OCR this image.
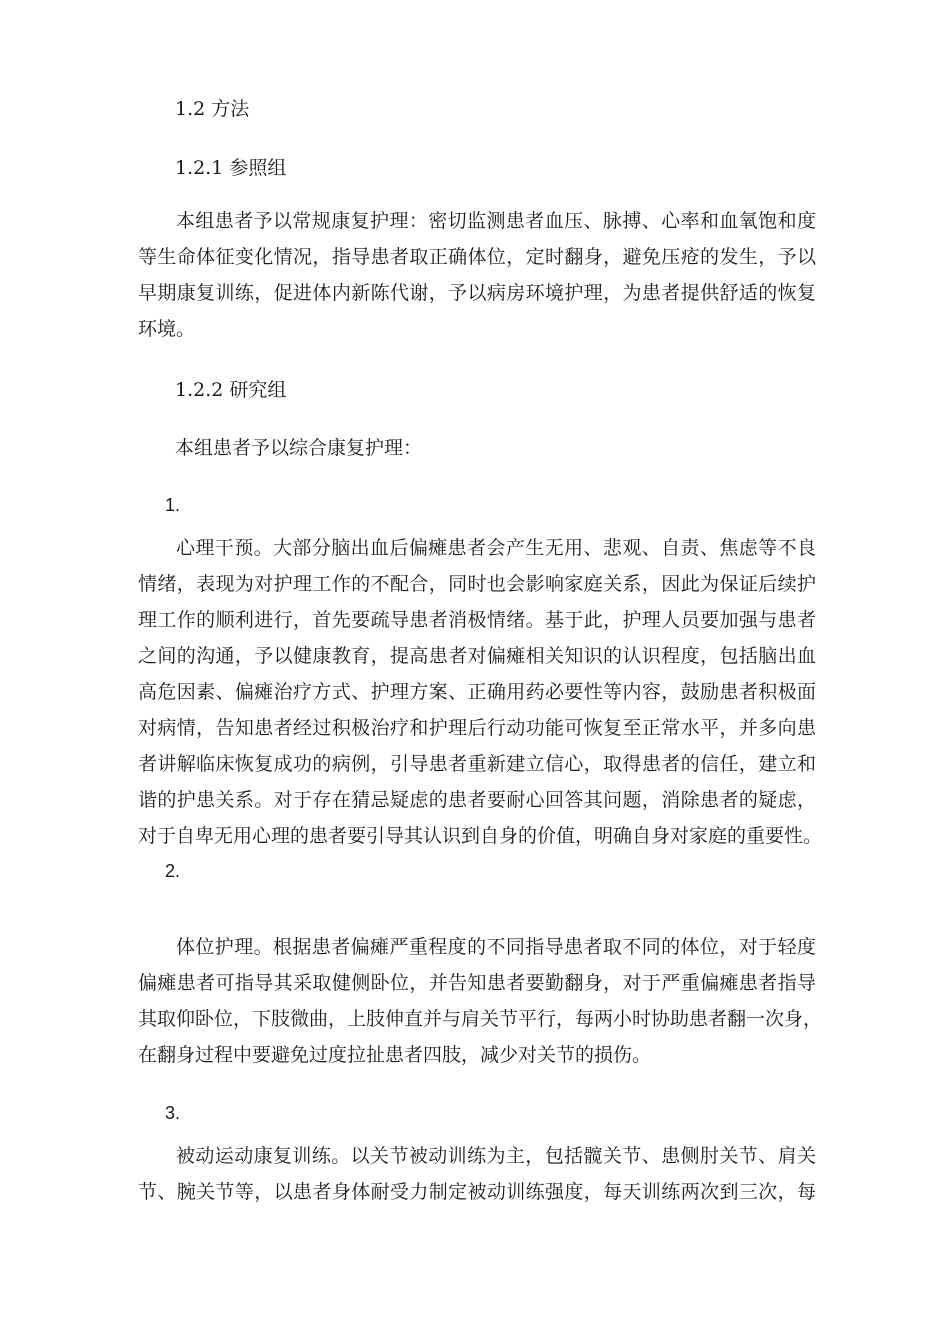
1.2 方法

1.2.1 参照组

本组患者予以常规康复护理：密切监测患者血压、脉搏、心率和血氧饱和度
等生命体征变化情况，指导患者取正确体位，定时翻身，避免压疮的发生，予以
早期康复训练，促进体内新陈代谢，予以病房环境护理，为患者提供舒适的恢复
环境。

1.2.2 研究组

本组患者予以综合康复护理：

1.

心理干预。大部分脑出血后偏瘫患者会产生无用、悲观、自责、焦虑等不良
情绪，表现为对护理工作的不配合，同时也会影响家庭关系，因此为保证后续护
理工作的顺利进行，首先要疏导患者消极情绪。基于此，护理人员要加强与患者
之间的沟通，予以健康教育，提高患者对偏瘫相关知识的认识程度，包括脑出血
高危因素、偏瘫治疗方式、护理方案、正确用药必要性等内容，鼓励患者积极面
对病情，告知患者经过积极治疗和护理后行动功能可恢复至正常水平，并多向患
者讲解临床恢复成功的病例，引导患者重新建立信心，取得患者的信任，建立和
谐的护患关系。对于存在猜忌疑虑的患者要耐心回答其问题，消除患者的疑虑，
对于自卑无用心理的患者要引导其认识到自身的价值，明确自身对家庭的重要性。

2.

体位护理。根据患者偏瘫严重程度的不同指导患者取不同的体位，对于轻度
偏瘫患者可指导其采取健侧卧位，并告知患者要勤翻身，对于严重偏瘫患者指导
其取仰卧位，下肢微曲，上肢伸直并与肩关节平行，每两小时协助患者翻一次身，
在翻身过程中要避免过度拉扯患者四肢，减少对关节的损伤。

3.

被动运动康复训练。以关节被动训练为主，包括髋关节、患侧肘关节、肩关
节、腕关节等，以患者身体耐受力制定被动训练强度，每天训练两次到三次，每
